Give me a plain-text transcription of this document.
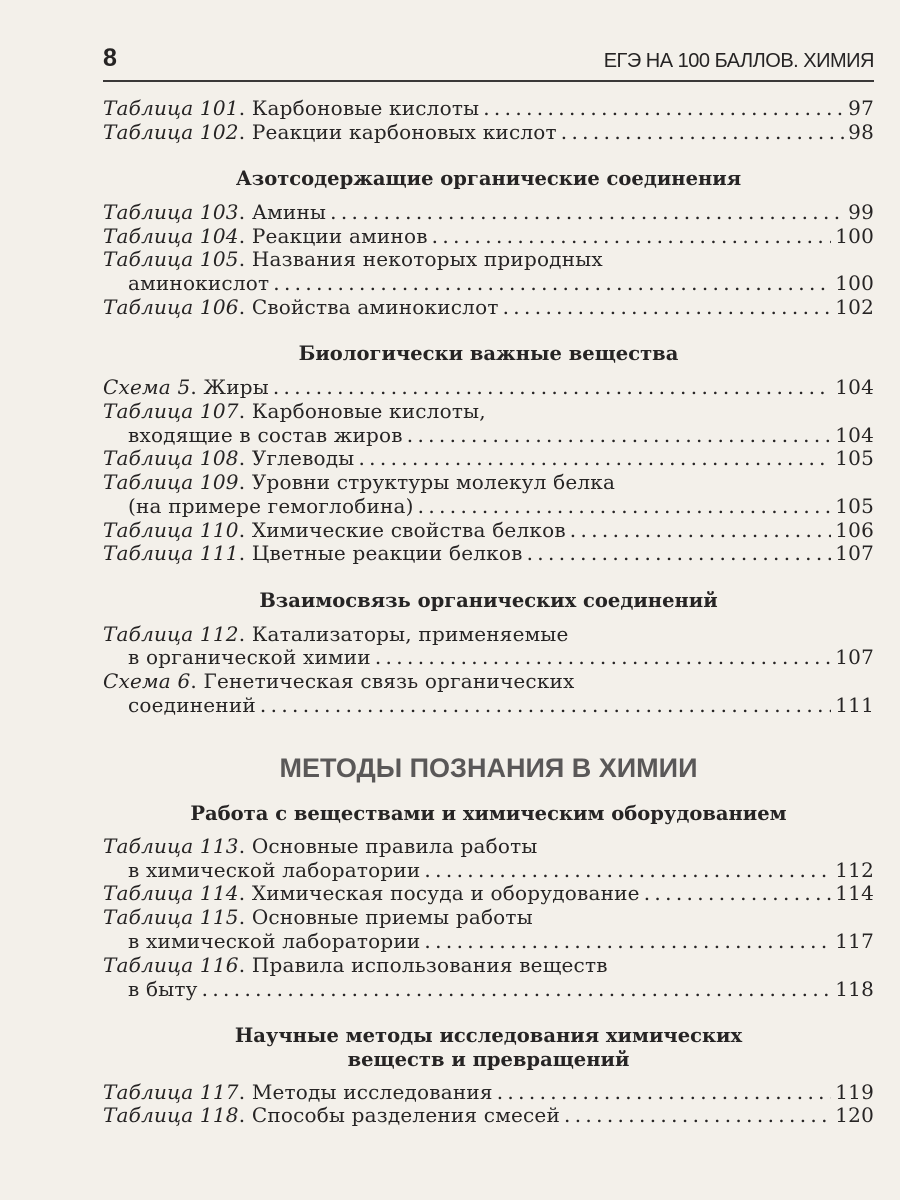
8	ЕГЭ НА 100 БАЛЛОВ. ХИМИЯ
Таблица 101 . Карбоновые кислоты . . .	97
Таблица 102 . Реакции карбоновых кислот . . .	98
Азотсодержащие органические соединения
Таблица 103 . Амины . . .	99
Таблица 104 . Реакции аминов . . .	100
Таблица 105 . Названия некоторых природных
аминокислот . . .	100
Таблица 106 . Свойства аминокислот . . .	102
Биологически важные вещества
Схема 5 . Жиры . . .	104
Таблица 107 . Карбоновые кислоты,
входящие в состав жиров . . .	104
Таблица 108 . Углеводы . . .	105
Таблица 109 . Уровни структуры молекул белка
(на примере гемоглобина) . . .	105
Таблица 110 . Химические свойства белков . . .	106
Таблица 111 . Цветные реакции белков . . .	107
Взаимосвязь органических соединений
Таблица 112 . Катализаторы, применяемые
в органической химии . . .	107
Схема 6 . Генетическая связь органических
соединений . . .	111
МЕТОДЫ ПОЗНАНИЯ В ХИМИИ
Работа с веществами и химическим оборудованием
Таблица 113 . Основные правила работы
в химической лаборатории . . .	112
Таблица 114 . Химическая посуда и оборудование . . .	114
Таблица 115 . Основные приемы работы
в химической лаборатории . . .	117
Таблица 116 . Правила использования веществ
в быту . . .	118
Научные методы исследования химических
веществ и превращений
Таблица 117 . Методы исследования . . .	119
Таблица 118 . Способы разделения смесей . . .	120
